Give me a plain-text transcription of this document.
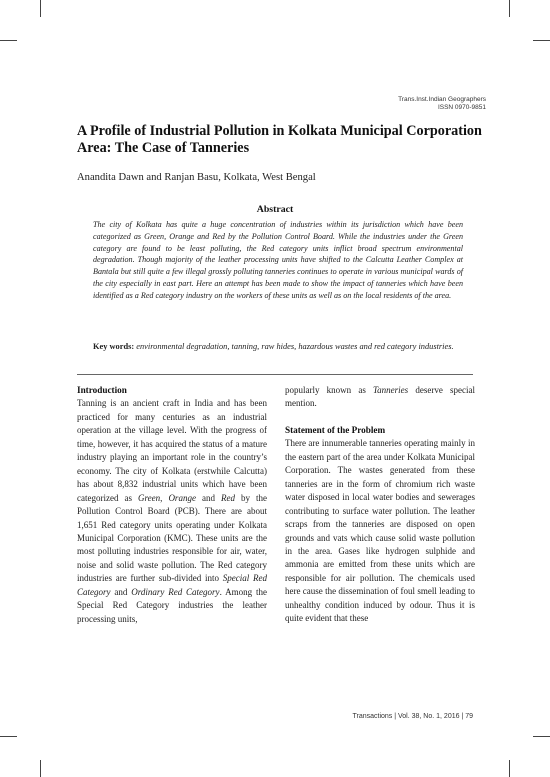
Trans.Inst.Indian Geographers
ISSN 0970-9851
A Profile of Industrial Pollution in Kolkata Municipal Corporation Area: The Case of Tanneries
Anandita Dawn and Ranjan Basu, Kolkata, West Bengal
Abstract

The city of Kolkata has quite a huge concentration of industries within its jurisdiction which have been categorized as Green, Orange and Red by the Pollution Control Board. While the industries under the Green category are found to be least polluting, the Red category units inflict broad spectrum environmental degradation. Though majority of the leather processing units have shifted to the Calcutta Leather Complex at Bantala but still quite a few illegal grossly polluting tanneries continues to operate in various municipal wards of the city especially in east part. Here an attempt has been made to show the impact of tanneries which have been identified as a Red category industry on the workers of these units as well as on the local residents of the area.

Key words: environmental degradation, tanning, raw hides, hazardous wastes and red category industries.

Introduction

Tanning is an ancient craft in India and has been practiced for many centuries as an industrial operation at the village level. With the progress of time, however, it has acquired the status of a mature industry playing an important role in the country’s economy. The city of Kolkata (erstwhile Calcutta) has about 8,832 industrial units which have been categorized as Green, Orange and Red by the Pollution Control Board (PCB). There are about 1,651 Red category units operating under Kolkata Municipal Corporation (KMC). These units are the most polluting industries responsible for air, water, noise and solid waste pollution. The Red category industries are further sub-divided into Special Red Category and Ordinary Red Category. Among the Special Red Category industries the leather processing units,

popularly known as Tanneries deserve special mention.

Statement of the Problem

There are innumerable tanneries operating mainly in the eastern part of the area under Kolkata Municipal Corporation. The wastes generated from these tanneries are in the form of chromium rich waste water disposed in local water bodies and sewerages contributing to surface water pollution. The leather scraps from the tanneries are disposed on open grounds and vats which cause solid waste pollution in the area. Gases like hydrogen sulphide and ammonia are emitted from these units which are responsible for air pollution. The chemicals used here cause the dissemination of foul smell leading to unhealthy condition induced by odour. Thus it is quite evident that these

Transactions | Vol. 38, No. 1, 2016 | 79
